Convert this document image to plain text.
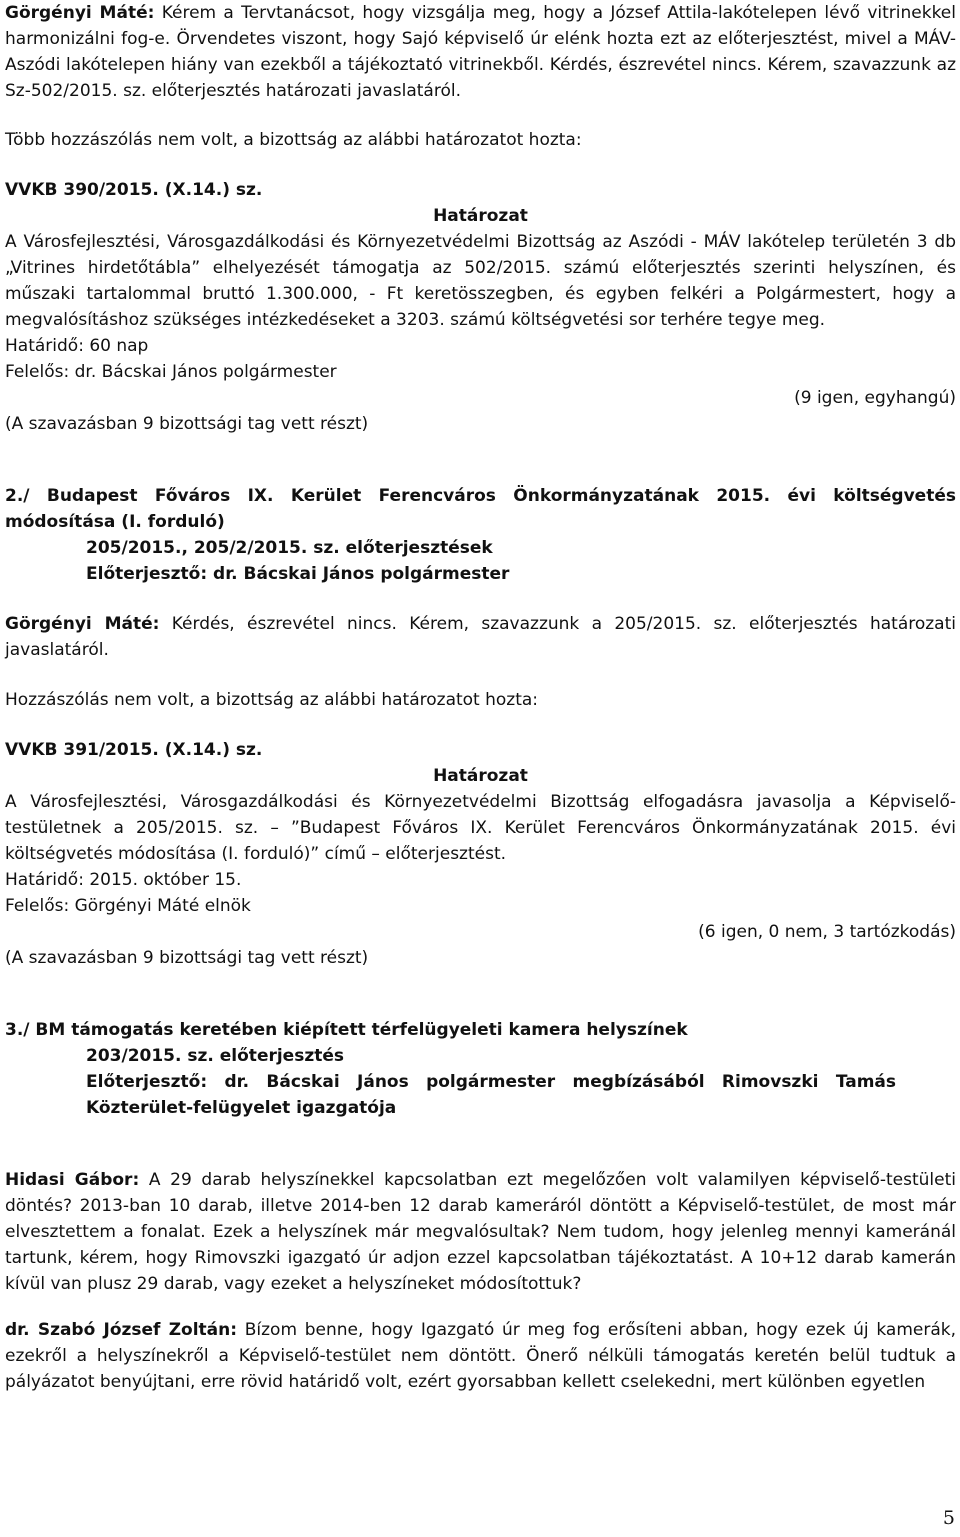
Görgényi Máté: Kérem a Tervtanácsot, hogy vizsgálja meg, hogy a József Attila-lakótelepen lévő vitrinekkel harmonizálni fog-e. Örvendetes viszont, hogy Sajó képviselő úr elénk hozta ezt az előterjesztést, mivel a MÁV-Aszódi lakótelepen hiány van ezekből a tájékoztató vitrinekből. Kérdés, észrevétel nincs. Kérem, szavazzunk az Sz-502/2015. sz. előterjesztés határozati javaslatáról.

Több hozzászólás nem volt, a bizottság az alábbi határozatot hozta:

VVKB 390/2015. (X.14.) sz.

Határozat

A Városfejlesztési, Városgazdálkodási és Környezetvédelmi Bizottság az Aszódi - MÁV lakótelep területén 3 db „Vitrines hirdetőtábla” elhelyezését támogatja az 502/2015. számú előterjesztés szerinti helyszínen, és műszaki tartalommal bruttó 1.300.000, - Ft keretösszegben, és egyben felkéri a Polgármestert, hogy a megvalósításhoz szükséges intézkedéseket a 3203. számú költségvetési sor terhére tegye meg.

Határidő: 60 nap

Felelős: dr. Bácskai János polgármester

(9 igen, egyhangú)

(A szavazásban 9 bizottsági tag vett részt)

2./ Budapest Főváros IX. Kerület Ferencváros Önkormányzatának 2015. évi költségvetés módosítása (I. forduló)

205/2015., 205/2/2015. sz. előterjesztések

Előterjesztő: dr. Bácskai János polgármester

Görgényi Máté: Kérdés, észrevétel nincs. Kérem, szavazzunk a 205/2015. sz. előterjesztés határozati javaslatáról.

Hozzászólás nem volt, a bizottság az alábbi határozatot hozta:

VVKB 391/2015. (X.14.) sz.

Határozat

A Városfejlesztési, Városgazdálkodási és Környezetvédelmi Bizottság elfogadásra javasolja a Képviselő-testületnek a 205/2015. sz. – ”Budapest Főváros IX. Kerület Ferencváros Önkormányzatának 2015. évi költségvetés módosítása (I. forduló)” című – előterjesztést.

Határidő: 2015. október 15.

Felelős: Görgényi Máté elnök

(6 igen, 0 nem, 3 tartózkodás)

(A szavazásban 9 bizottsági tag vett részt)

3./ BM támogatás keretében kiépített térfelügyeleti kamera helyszínek

203/2015. sz. előterjesztés

Előterjesztő: dr. Bácskai János polgármester megbízásából Rimovszki Tamás Közterület-felügyelet igazgatója

Hidasi Gábor: A 29 darab helyszínekkel kapcsolatban ezt megelőzően volt valamilyen képviselő-testületi döntés? 2013-ban 10 darab, illetve 2014-ben 12 darab kameráról döntött a Képviselő-testület, de most már elvesztettem a fonalat. Ezek a helyszínek már megvalósultak? Nem tudom, hogy jelenleg mennyi kameránál tartunk, kérem, hogy Rimovszki igazgató úr adjon ezzel kapcsolatban tájékoztatást. A 10+12 darab kamerán kívül van plusz 29 darab, vagy ezeket a helyszíneket módosítottuk?

dr. Szabó József Zoltán: Bízom benne, hogy Igazgató úr meg fog erősíteni abban, hogy ezek új kamerák, ezekről a helyszínekről a Képviselő-testület nem döntött. Önerő nélküli támogatás keretén belül tudtuk a pályázatot benyújtani, erre rövid határidő volt, ezért gyorsabban kellett cselekedni, mert különben egyetlen

5
